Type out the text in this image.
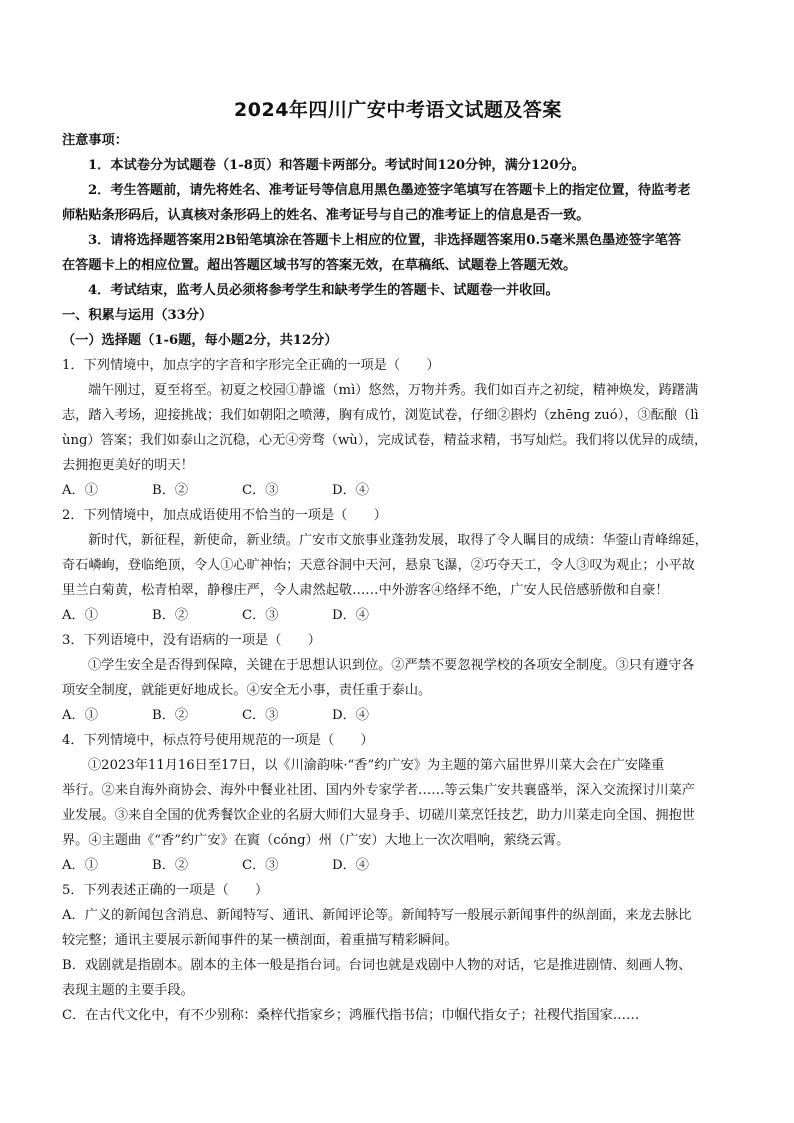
2024年四川广安中考语文试题及答案
注意事项：
1．本试卷分为试题卷（1-8页）和答题卡两部分。考试时间120分钟，满分120分。
2．考生答题前，请先将姓名、准考证号等信息用黑色墨迹签字笔填写在答题卡上的指定位置，待监考老
师粘贴条形码后，认真核对条形码上的姓名、准考证号与自己的准考证上的信息是否一致。
3．请将选择题答案用2B铅笔填涂在答题卡上相应的位置，非选择题答案用0.5毫米黑色墨迹签字笔答
在答题卡上的相应位置。超出答题区域书写的答案无效，在草稿纸、试题卷上答题无效。
4．考试结束，监考人员必须将参考学生和缺考学生的答题卡、试题卷一并收回。
一、积累与运用（33分）
（一）选择题（1-6题，每小题2分，共12分）
1．下列情境中，加点字的字音和字形完全正确的一项是（　　）
端午刚过，夏至将至。初夏之校园①静谧（mì）悠然，万物并秀。我们如百卉之初绽，精神焕发，踌躇满
志，踏入考场，迎接挑战；我们如朝阳之喷薄，胸有成竹，浏览试卷，仔细②斟灼（zhēng zuó），③酝酿（lì
ùng）答案；我们如泰山之沉稳，心无④旁骛（wù），完成试卷，精益求精，书写灿烂。我们将以优异的成绩，
去拥抱更美好的明天！
A．①	B．②	C．③	D．④
2．下列情境中，加点成语使用不恰当的一项是（　　）
新时代，新征程，新使命，新业绩。广安市文旅事业蓬勃发展，取得了令人瞩目的成绩：华蓥山青峰绵延，
奇石嶙峋，登临绝顶，令人①心旷神怡；天意谷洞中天河，悬泉飞瀑，②巧夺天工，令人③叹为观止；小平故
里兰白菊黄，松青柏翠，静穆庄严，令人肃然起敬……中外游客④络绎不绝，广安人民倍感骄傲和自豪！
A．①	B．②	C．③	D．④
3．下列语境中，没有语病的一项是（　　）
①学生安全是否得到保障，关键在于思想认识到位。②严禁不要忽视学校的各项安全制度。③只有遵守各
项安全制度，就能更好地成长。④安全无小事，责任重于泰山。
A．①	B．②	C．③	D．④
4．下列情境中，标点符号使用规范的一项是（　　）
①2023年11月16日至17日，以《川渝韵味·“香”约广安》为主题的第六届世界川菜大会在广安隆重
举行。②来自海外商协会、海外中餐业社团、国内外专家学者……等云集广安共襄盛举，深入交流探讨川菜产
业发展。③来自全国的优秀餐饮企业的名厨大师们大显身手、切磋川菜烹饪技艺，助力川菜走向全国、拥抱世
界。④主题曲《“香”约广安》在賨（cóng）州（广安）大地上一次次唱响，萦绕云霄。
A．①	B．②	C．③	D．④
5．下列表述正确的一项是（　　）
A．广义的新闻包含消息、新闻特写、通讯、新闻评论等。新闻特写一般展示新闻事件的纵剖面，来龙去脉比
较完整；通讯主要展示新闻事件的某一横剖面，着重描写精彩瞬间。
B．戏剧就是指剧本。剧本的主体一般是指台词。台词也就是戏剧中人物的对话，它是推进剧情、刻画人物、
表现主题的主要手段。
C．在古代文化中，有不少别称：桑梓代指家乡；鸿雁代指书信；巾帼代指女子；社稷代指国家……
